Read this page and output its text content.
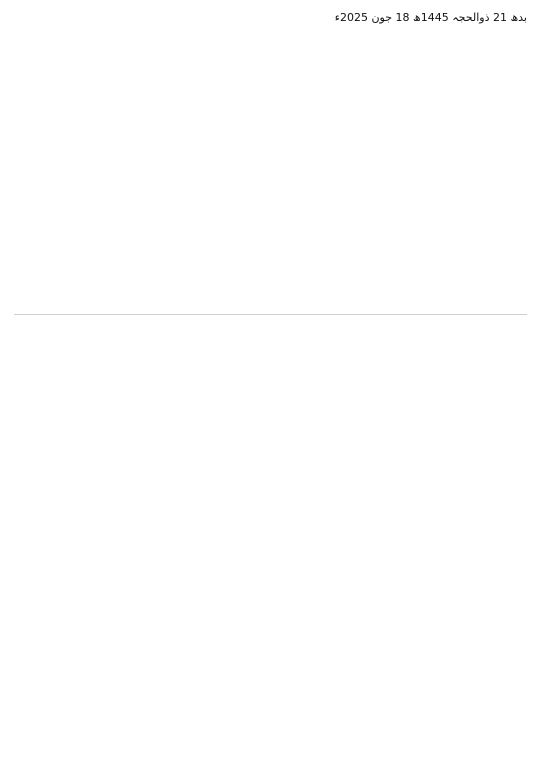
بدھ 21 ذوالحجہ 1445ھ 18 جون 2025ء
